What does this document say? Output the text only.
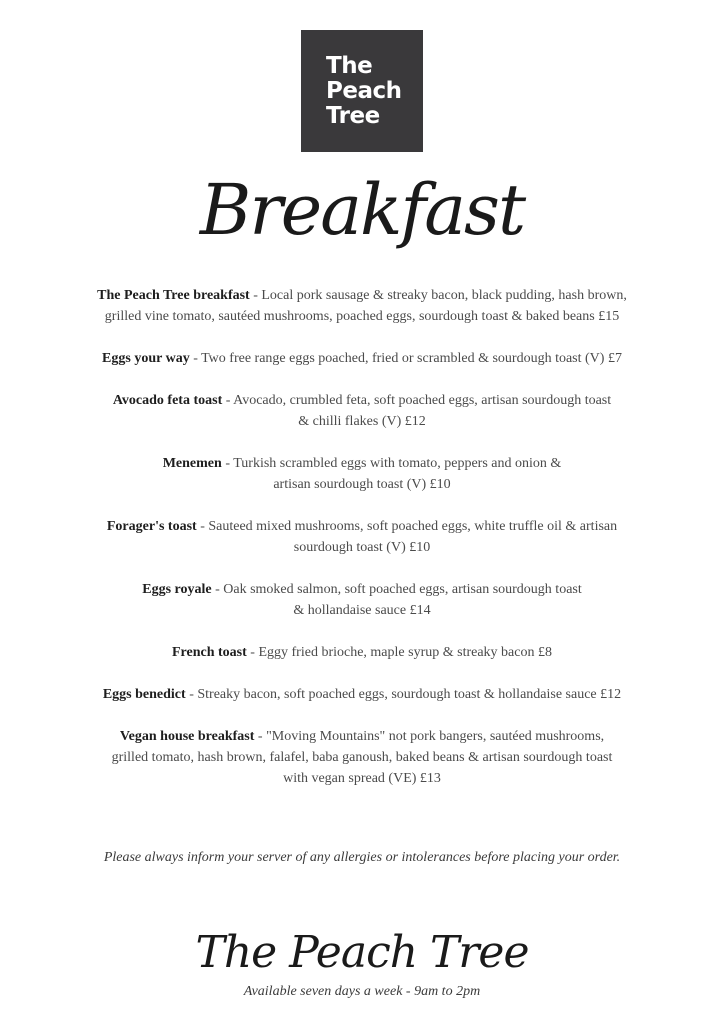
The
Peach
Tree
Breakfast
The Peach Tree breakfast - Local pork sausage & streaky bacon, black pudding, hash brown,
grilled vine tomato, sautéed mushrooms, poached eggs, sourdough toast & baked beans £15
Eggs your way - Two free range eggs poached, fried or scrambled & sourdough toast (V) £7
Avocado feta toast - Avocado, crumbled feta, soft poached eggs, artisan sourdough toast
& chilli flakes (V) £12
Menemen - Turkish scrambled eggs with tomato, peppers and onion &
artisan sourdough toast (V) £10
Forager's toast - Sauteed mixed mushrooms, soft poached eggs, white truffle oil & artisan
sourdough toast (V) £10
Eggs royale - Oak smoked salmon, soft poached eggs, artisan sourdough toast
& hollandaise sauce £14
French toast - Eggy fried brioche, maple syrup & streaky bacon £8
Eggs benedict - Streaky bacon, soft poached eggs, sourdough toast & hollandaise sauce £12
Vegan house breakfast - "Moving Mountains" not pork bangers, sautéed mushrooms,
grilled tomato, hash brown, falafel, baba ganoush, baked beans & artisan sourdough toast
with vegan spread (VE) £13
Please always inform your server of any allergies or intolerances before placing your order.
The Peach Tree
Available seven days a week - 9am to 2pm
